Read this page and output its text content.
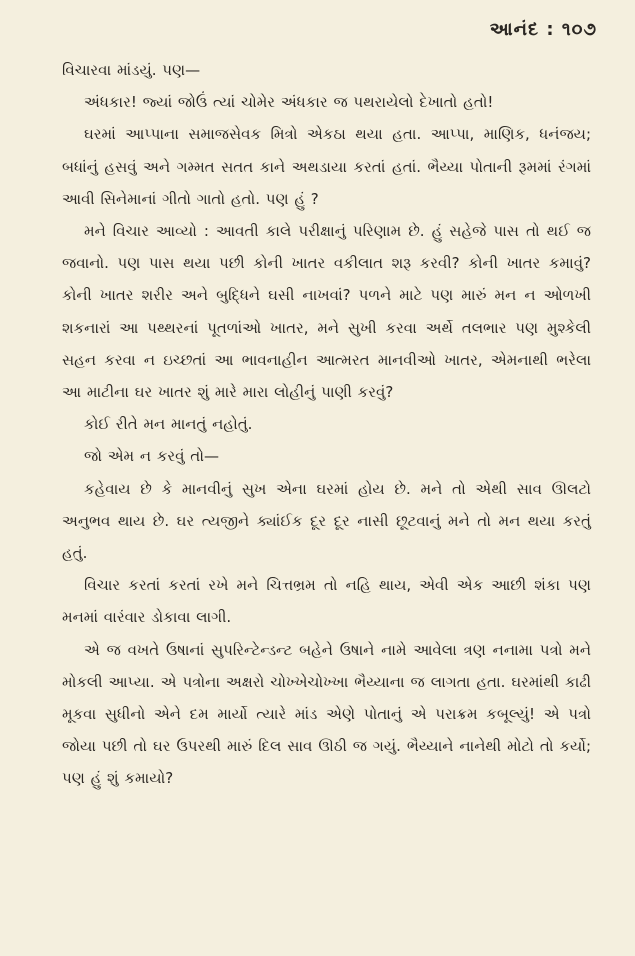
આનંદ : ૧૦૭

વિચારવા માંડયું. પણ—

અંધકાર! જ્યાં જોઉં ત્યાં ચોમેર અંધકાર જ પથરાયેલો દેખાતો હતો!

ઘરમાં આપ્પાના સમાજસેવક મિત્રો એકઠા થયા હતા. આપ્પા, માણિક, ધનંજય; બધાંનું હસવું અને ગમ્મત સતત કાને અથડાયા કરતાં હતાં. ભૈય્યા પોતાની રૂમમાં રંગમાં આવી સિનેમાનાં ગીતો ગાતો હતો. પણ હું ?

મને વિચાર આવ્યો : આવતી કાલે પરીક્ષાનું પરિણામ છે. હું સહેજે પાસ તો થઈ જ જવાનો. પણ પાસ થયા પછી કોની ખાતર વકીલાત શરૂ કરવી? કોની ખાતર કમાવું? કોની ખાતર શરીર અને બુદ્ધિને ઘસી નાખવાં? પળને માટે પણ મારું મન ન ઓળખી શકનારાં આ પથ્થરનાં પૂતળાંઓ ખાતર, મને સુખી કરવા અર્થે તલભાર પણ મુશ્કેલી સહન કરવા ન ઇચ્છતાં આ ભાવનાહીન આત્મરત માનવીઓ ખાતર, એમનાથી ભરેલા આ માટીના ઘર ખાતર શું મારે મારા લોહીનું પાણી કરવું?

કોઈ રીતે મન માનતું નહોતું.

જો એમ ન કરવું તો—

કહેવાય છે કે માનવીનું સુખ એના ઘરમાં હોય છે. મને તો એથી સાવ ઊલટો અનુભવ થાય છે. ઘર ત્યજીને ક્યાંઈક દૂર દૂર નાસી છૂટવાનું મને તો મન થયા કરતું હતું.

વિચાર કરતાં કરતાં રખે મને ચિત્તભ્રમ તો નહિ થાય, એવી એક આછી શંકા પણ મનમાં વારંવાર ડોકાવા લાગી.

એ જ વખતે ઉષાનાં સુપરિન્ટેન્ડન્ટ બહેને ઉષાને નામે આવેલા ત્રણ નનામા પત્રો મને મોકલી આપ્યા. એ પત્રોના અક્ષરો ચોખ્ખેચોખ્ખા ભૈય્યાના જ લાગતા હતા. ઘરમાંથી કાઢી મૂકવા સુધીનો એને દમ માર્યો ત્યારે માંડ એણે પોતાનું એ પરાક્રમ કબૂલ્યું! એ પત્રો જોયા પછી તો ઘર ઉપરથી મારું દિલ સાવ ઊઠી જ ગયું. ભૈય્યાને નાનેથી મોટો તો કર્યો; પણ હું શું કમાયો?
